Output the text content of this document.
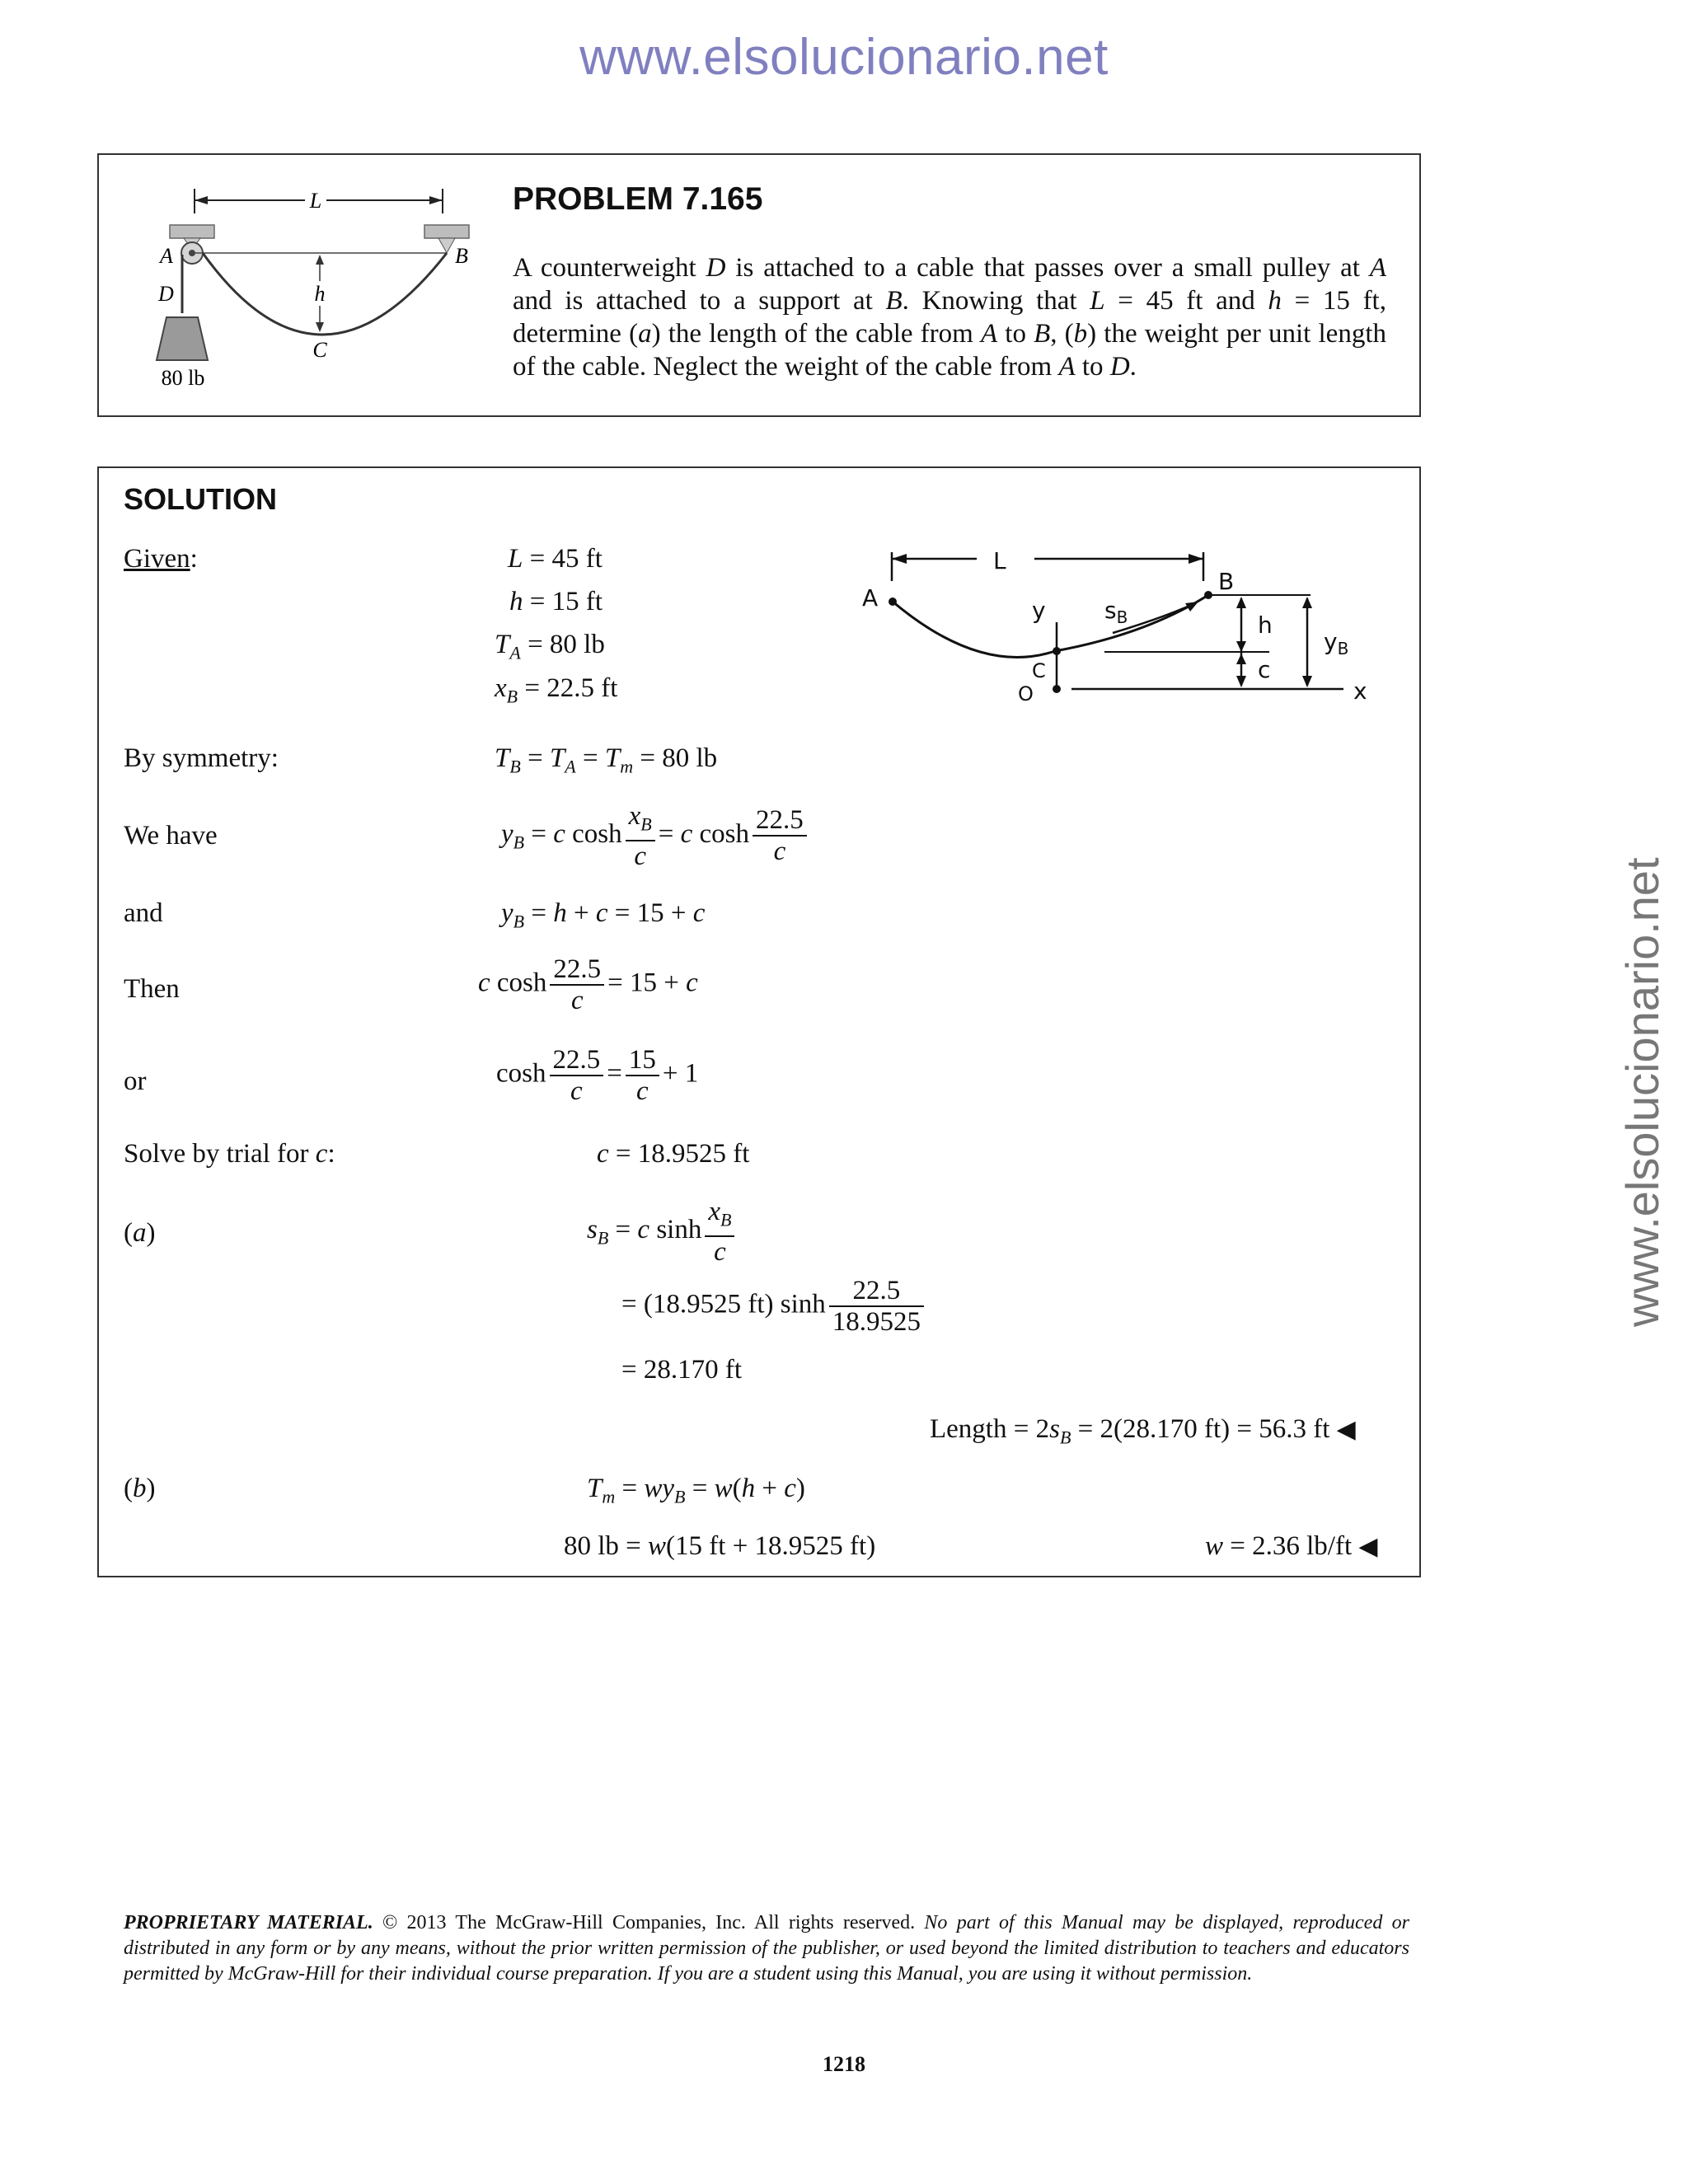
www.elsolucionario.net
www.elsolucionario.net
L
h
A	B
D
C
80 lb
PROBLEM 7.165
A counterweight D is attached to a cable that passes over a small pulley at A and is attached to a support at B. Knowing that L = 45 ft and h = 15 ft, determine (a) the length of the cable from A to B, (b) the weight per unit length of the cable. Neglect the weight of the cable from A to D.
SOLUTION
Given:	L = 45 ft
h = 15 ft
$T_A = 80$ lb
$x_B = 22.5$ ft
L
A
B
y
C
O
$s_B$
x
h
c
$y_B$
By symmetry:	$T_B = T_A = T_m = 80$ lb
We have	$y_B = c$ $\cosh \frac{x_B}{c} = c$ $\cosh \frac{22.5}{c}$
and	$y_B = h + c = 15 + c$
Then	c $\cosh \frac{22.5}{c} = 15 + c$
or	$\cosh \frac{22.5}{c} = \frac{15}{c} + 1$
Solve by trial for c:	c = 18.9525 ft
(a)	$s_B = c$ $\sinh \frac{x_B}{c}$
= (18.9525 ft) $\sinh \frac{22.5}{18.9525}$
= 28.170 ft
Length = $2s_B = 2(28.170$ ft) = 56.3 ft ◀
(b)	$T_m = wy_B = w(h + c)$
80 lb = w(15 ft + 18.9525 ft)	w = 2.36 lb/ft ◀
PROPRIETARY MATERIAL. © 2013 The McGraw-Hill Companies, Inc. All rights reserved. No part of this Manual may be displayed, reproduced or distributed in any form or by any means, without the prior written permission of the publisher, or used beyond the limited distribution to teachers and educators permitted by McGraw-Hill for their individual course preparation. If you are a student using this Manual, you are using it without permission.
1218
